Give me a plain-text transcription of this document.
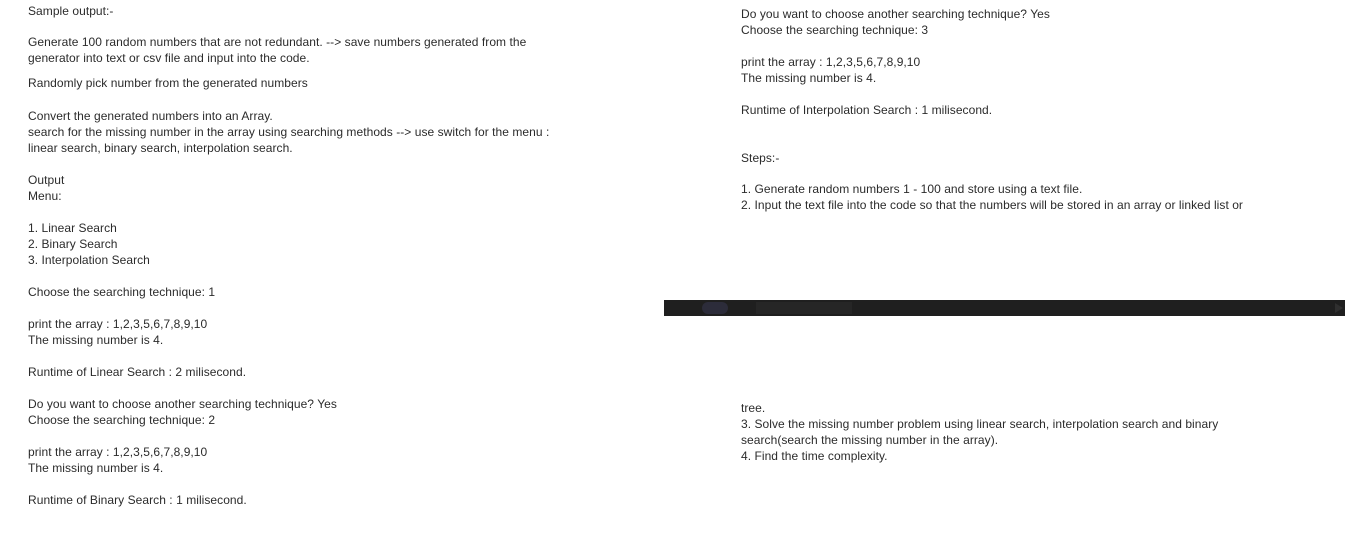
Sample output:-
Generate 100 random numbers that are not redundant. --> save numbers generated from the
generator into text or csv file and input into the code.
Randomly pick number from the generated numbers
Convert the generated numbers into an Array.
search for the missing number in the array using searching methods --> use switch for the menu :
linear search, binary search, interpolation search.
Output
Menu:
1. Linear Search
2. Binary Search
3. Interpolation Search
Choose the searching technique: 1
print the array : 1,2,3,5,6,7,8,9,10
The missing number is 4.
Runtime of Linear Search : 2 milisecond.
Do you want to choose another searching technique? Yes
Choose the searching technique: 2
print the array : 1,2,3,5,6,7,8,9,10
The missing number is 4.
Runtime of Binary Search : 1 milisecond.
Do you want to choose another searching technique? Yes
Choose the searching technique: 3
print the array : 1,2,3,5,6,7,8,9,10
The missing number is 4.
Runtime of Interpolation Search : 1 milisecond.
Steps:-
1. Generate random numbers 1 - 100 and store using a text file.
2. Input the text file into the code so that the numbers will be stored in an array or linked list or
tree.
3. Solve the missing number problem using linear search, interpolation search and binary
search(search the missing number in the array).
4. Find the time complexity.
